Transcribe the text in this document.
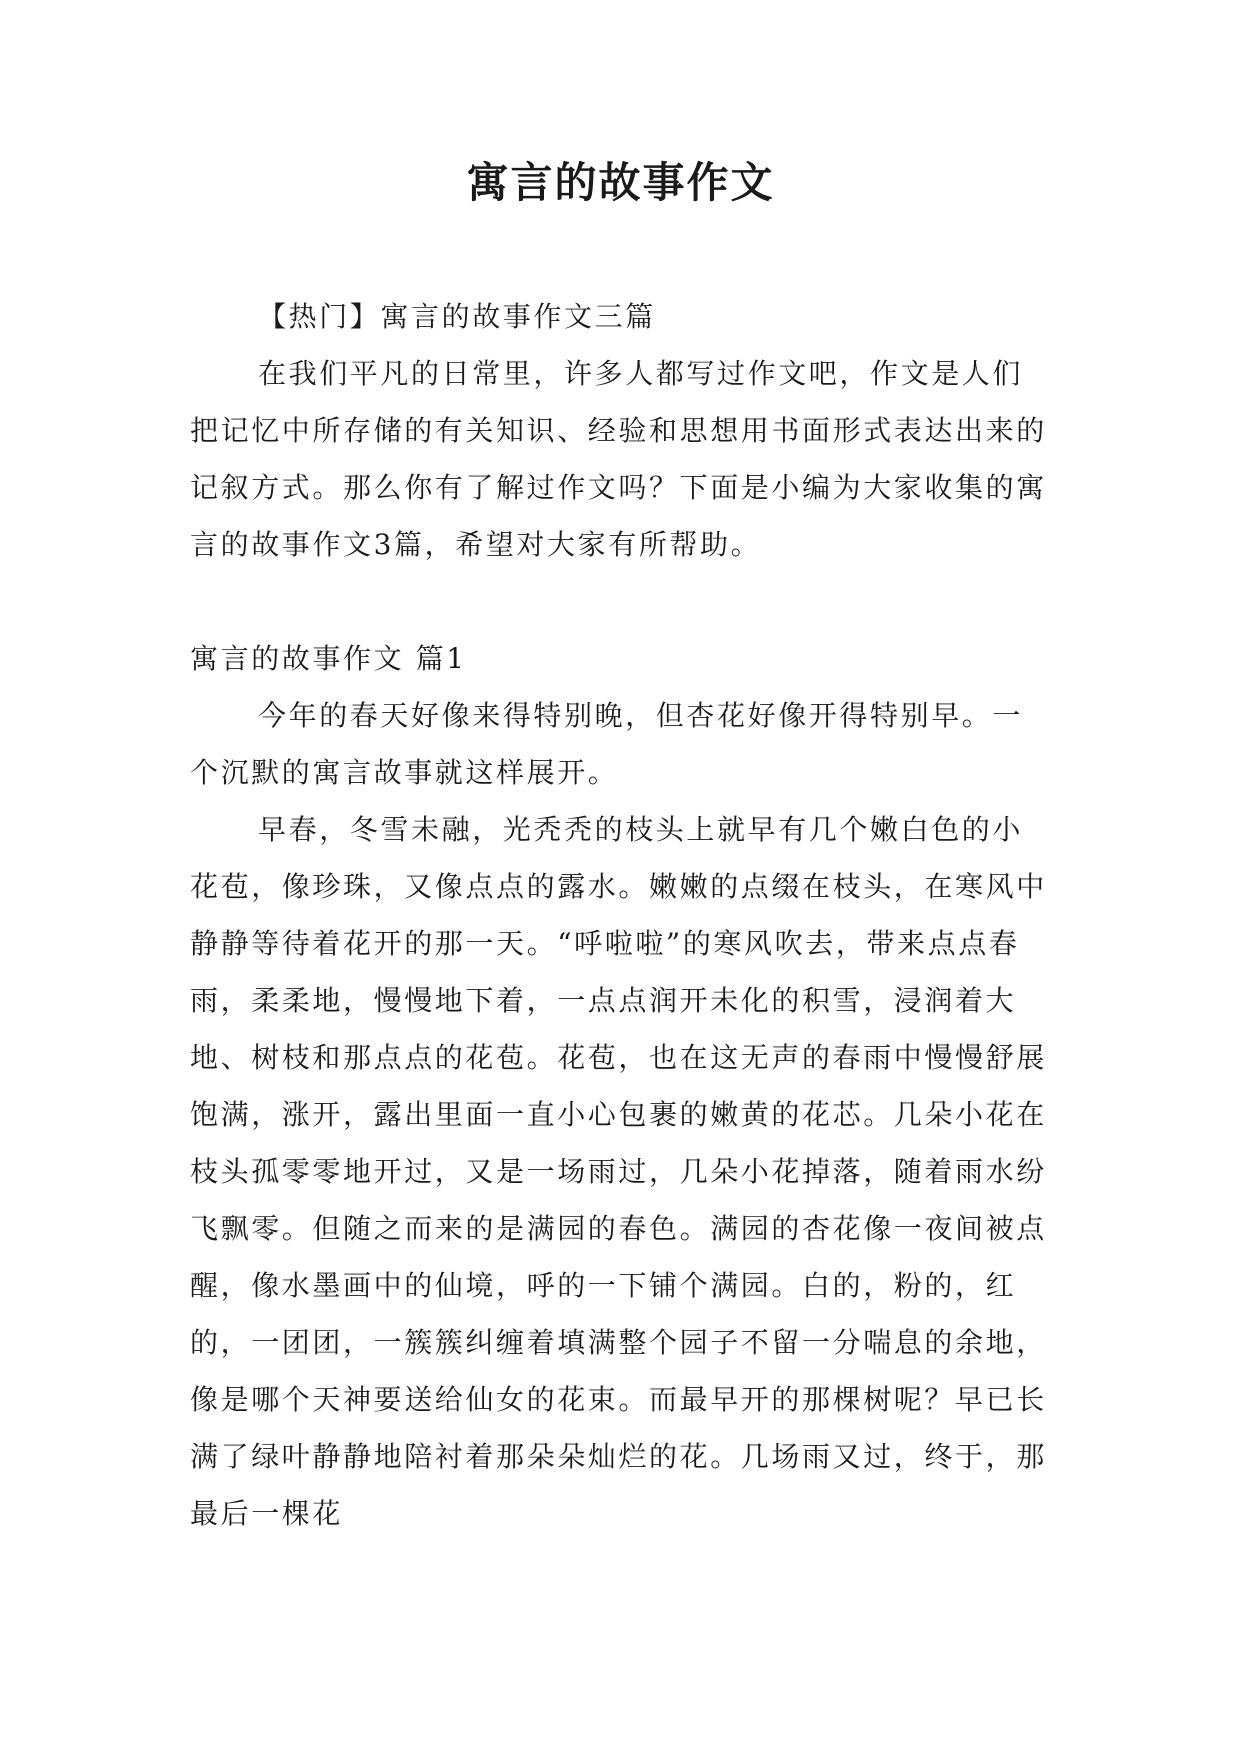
寓言的故事作文

【热门】寓言的故事作文三篇

在我们平凡的日常里，许多人都写过作文吧，作文是人们把记忆中所存储的有关知识、经验和思想用书面形式表达出来的记叙方式。那么你有了解过作文吗？下面是小编为大家收集的寓言的故事作文3篇，希望对大家有所帮助。

寓言的故事作文 篇1

今年的春天好像来得特别晚，但杏花好像开得特别早。一个沉默的寓言故事就这样展开。

早春，冬雪未融，光秃秃的枝头上就早有几个嫩白色的小花苞，像珍珠，又像点点的露水。嫩嫩的点缀在枝头，在寒风中静静等待着花开的那一天。“呼啦啦”的寒风吹去，带来点点春雨，柔柔地，慢慢地下着，一点点润开未化的积雪，浸润着大地、树枝和那点点的花苞。花苞，也在这无声的春雨中慢慢舒展饱满，涨开，露出里面一直小心包裹的嫩黄的花芯。几朵小花在枝头孤零零地开过，又是一场雨过，几朵小花掉落，随着雨水纷飞飘零。但随之而来的是满园的春色。满园的杏花像一夜间被点醒，像水墨画中的仙境，呼的一下铺个满园。白的，粉的，红的，一团团，一簇簇纠缠着填满整个园子不留一分喘息的余地，像是哪个天神要送给仙女的花束。而最早开的那棵树呢？早已长满了绿叶静静地陪衬着那朵朵灿烂的花。几场雨又过，终于，那最后一棵花
